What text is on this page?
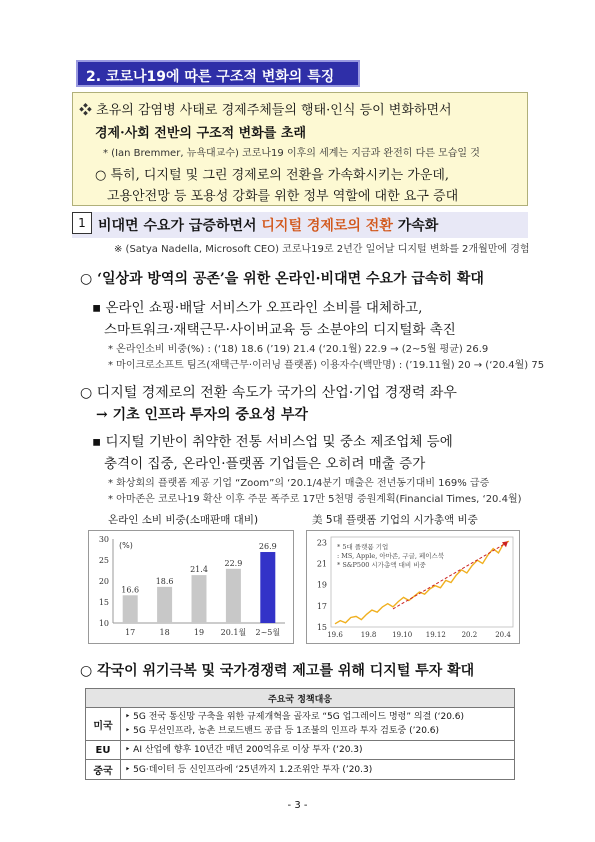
2. 코로나19에 따른 구조적 변화의 특징
❖ 초유의 감염병 사태로 경제주체들의 행태·인식 등이 변화하면서
경제·사회 전반의 구조적 변화를 초래
* (Ian Bremmer, 뉴욕대교수) 코로나19 이후의 세계는 지금과 완전히 다른 모습일 것
○ 특히, 디지털 및 그린 경제로의 전환을 가속화시키는 가운데,
고용안전망 등 포용성 강화를 위한 정부 역할에 대한 요구 증대
1 비대면 수요가 급증하면서 디지털 경제로의 전환 가속화
※ (Satya Nadella, Microsoft CEO) 코로나19로 2년간 일어날 디지털 변화를 2개월만에 경험
○ ‘일상과 방역의 공존’을 위한 온라인·비대면 수요가 급속히 확대
▪ 온라인 쇼핑·배달 서비스가 오프라인 소비를 대체하고,
스마트워크·재택근무·사이버교육 등 소분야의 디지털화 촉진
* 온라인소비 비중(%) : (‘18) 18.6 (’19) 21.4 (‘20.1월) 22.9 → (2~5월 평균) 26.9
* 마이크로소프트 팀즈(재택근무·이러닝 플랫폼) 이용자수(백만명) : (’19.11월) 20 → (‘20.4월) 75
○ 디지털 경제로의 전환 속도가 국가의 산업·기업 경쟁력 좌우
→ 기초 인프라 투자의 중요성 부각
▪ 디지털 기반이 취약한 전통 서비스업 및 중소 제조업체 등에
충격이 집중, 온라인·플랫폼 기업들은 오히려 매출 증가
* 화상회의 플랫폼 제공 기업 “Zoom”의 ‘20.1/4분기 매출은 전년동기대비 169% 급증
* 아마존은 코로나19 확산 이후 주문 폭주로 17만 5천명 증원계획(Financial Times, ‘20.4월)
온라인 소비 비중(소매판매 대비)
30
25
20
15
10
(%)
16.6
17
18.6
18
21.4
19
22.9
20.1월
26.9
2~5월
美 5대 플랫폼 기업의 시가총액 비중
23
21
19
17
15
19.6	19.8 19.10 19.12 20.2	20.4
* 5대 플랫폼 기업
: MS, Apple, 아마존, 구글, 페이스북
* S&P500 시가총액 대비 비중
○ 각국이 위기극복 및 국가경쟁력 제고를 위해 디지털 투자 확대
주요국 정책대응	
미국	‣ 5G 전국 통신망 구축을 위한 규제개혁을 골자로 “5G 업그레이드 명령” 의결 (‘20.6)
‣ 5G 무선인프라, 농촌 브로드밴드 공급 등 1조불의 인프라 투자 검토중 (’20.6)

EU	‣ AI 산업에 향후 10년간 매년 200억유로 이상 투자 (‘20.3)

중국	‣ 5G·데이터 등 신인프라에 ‘25년까지 1.2조위안 투자 (’20.3)
- 3 -
